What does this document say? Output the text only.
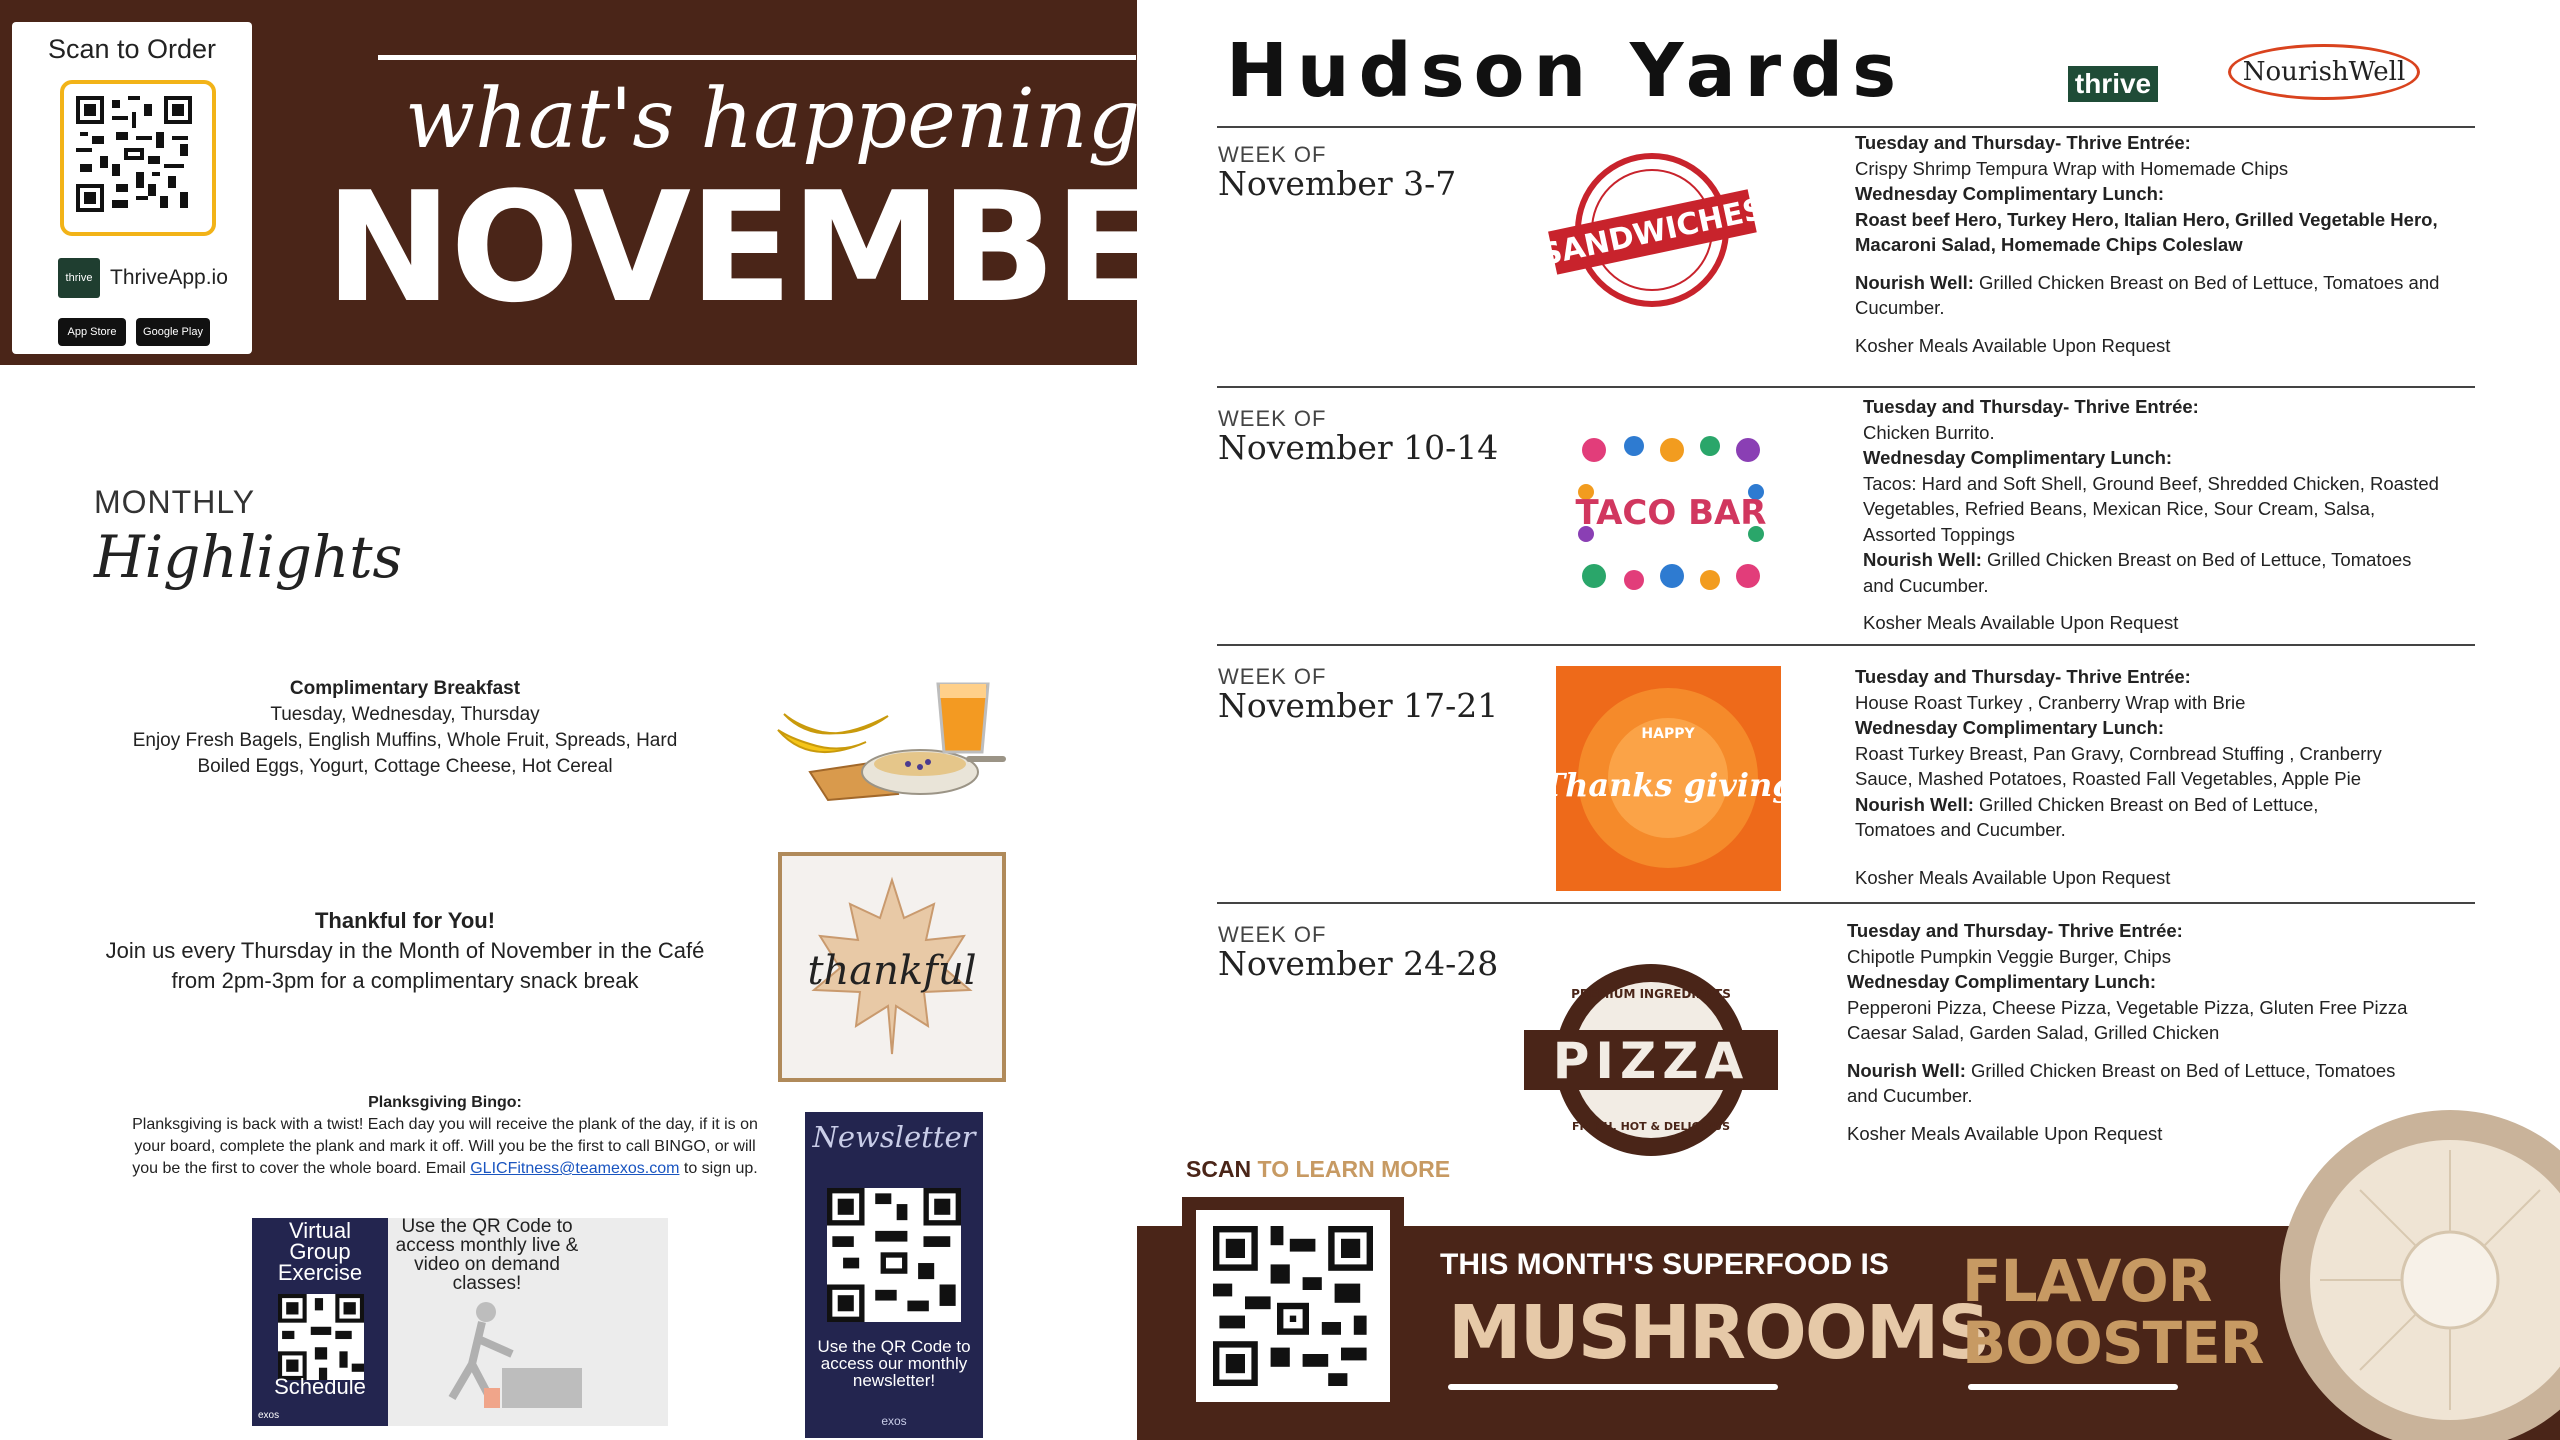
Scan to Order
thrive ThriveApp.io
App Store	Google Play
what's happening
NOVEMBER
MONTHLY
Highlights
Complimentary Breakfast
Tuesday, Wednesday, Thursday
Enjoy Fresh Bagels, English Muffins, Whole Fruit, Spreads, Hard
Boiled Eggs, Yogurt, Cottage Cheese, Hot Cereal
Thankful for You!
Join us every Thursday in the Month of November in the Café
from 2pm-3pm for a complimentary snack break	thankful
Planksgiving Bingo:
Planksgiving is back with a twist! Each day you will receive the plank of the day, if it is on
your board, complete the plank and mark it off. Will you be the first to call BINGO, or will
you be the first to cover the whole board. Email GLICFitness@teamexos.com to sign up.
Virtual
Group
Exercise
Schedule
exos
Use the QR Code to access monthly live & video on demand classes!
Newsletter
Use the QR Code to access our monthly newsletter!
exos
Hudson Yards	thrive	NourishWell
WEEK OF
November 3-7
SANDWICHES
Tuesday and Thursday- Thrive Entrée:
Crispy Shrimp Tempura Wrap with Homemade Chips
Wednesday Complimentary Lunch:
Roast beef Hero, Turkey Hero, Italian Hero, Grilled Vegetable Hero,
Macaroni Salad, Homemade Chips Coleslaw
Nourish Well: Grilled Chicken Breast on Bed of Lettuce, Tomatoes and
Cucumber.
Kosher Meals Available Upon Request
WEEK OF
November 10-14
TACO BAR
Tuesday and Thursday- Thrive Entrée:
Chicken Burrito.
Wednesday Complimentary Lunch:
Tacos: Hard and Soft Shell, Ground Beef, Shredded Chicken, Roasted
Vegetables, Refried Beans, Mexican Rice, Sour Cream, Salsa,
Assorted Toppings
Nourish Well: Grilled Chicken Breast on Bed of Lettuce, Tomatoes
and Cucumber.
Kosher Meals Available Upon Request
WEEK OF
November 17-21
HAPPY
Thanks giving
Tuesday and Thursday- Thrive Entrée:
House Roast Turkey , Cranberry Wrap with Brie
Wednesday Complimentary Lunch:
Roast Turkey Breast, Pan Gravy, Cornbread Stuffing , Cranberry
Sauce, Mashed Potatoes, Roasted Fall Vegetables, Apple Pie
Nourish Well: Grilled Chicken Breast on Bed of Lettuce,
Tomatoes and Cucumber.
Kosher Meals Available Upon Request
WEEK OF
November 24-28
PREMIUM INGREDIENTS
PIZZA
FRESH, HOT & DELICIOUS
Tuesday and Thursday- Thrive Entrée:
Chipotle Pumpkin Veggie Burger, Chips
Wednesday Complimentary Lunch:
Pepperoni Pizza, Cheese Pizza, Vegetable Pizza, Gluten Free Pizza
Caesar Salad, Garden Salad, Grilled Chicken
Nourish Well: Grilled Chicken Breast on Bed of Lettuce, Tomatoes
and Cucumber.
Kosher Meals Available Upon Request
SCAN TO LEARN MORE
THIS MONTH'S SUPERFOOD IS
MUSHROOMS
FLAVOR
BOOSTER
